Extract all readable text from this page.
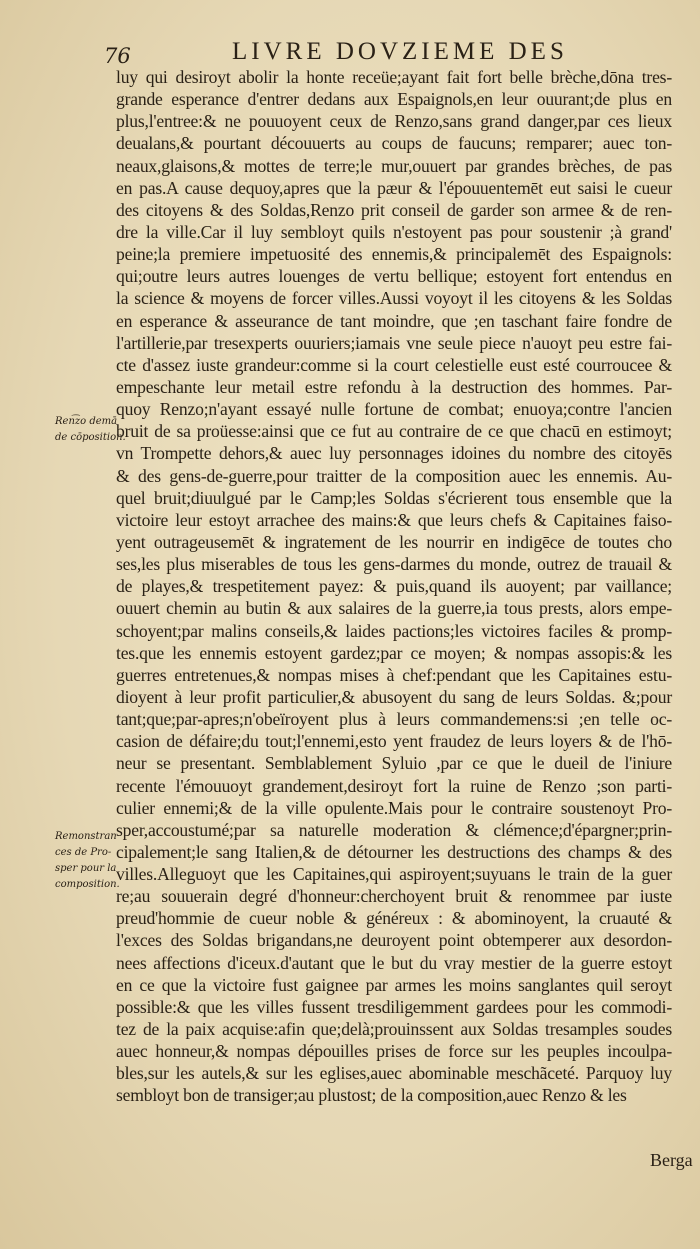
76	LIVRE DOVZIEME DES
Ren͡zo demā
de cōposition.
Remonstran
ces de Pro-
sper pour la
composition.
luy qui desiroyt abolir la honte receüe;ayant fait fort belle brèche,dōna tres-
grande esperance d'entrer dedans aux Espaignols,en leur ouurant;de plus en
plus,l'entree:& ne pouuoyent ceux de Renzo,sans grand danger,par ces lieux
deualans,& pourtant découuerts au coups de faucuns; remparer; auec ton-
neaux,glaisons,& mottes de terre;le mur,ouuert par grandes brèches, de pas
en pas.A cause dequoy,apres que la pæur & l'épouuentemēt eut saisi le cueur
des citoyens & des Soldas,Renzo prit conseil de garder son armee & de ren-
dre la ville.Car il luy sembloyt quils n'estoyent pas pour soustenir ;à grand'
peine;la premiere impetuosité des ennemis,& principalemēt des Espaignols:
qui;outre leurs autres louenges de vertu bellique; estoyent fort entendus en
la science & moyens de forcer villes.Aussi voyoyt il les citoyens & les Soldas
en esperance & asseurance de tant moindre, que ;en taschant faire fondre de
l'artillerie,par tresexperts ouuriers;iamais vne seule piece n'auoyt peu estre fai-
cte d'assez iuste grandeur:comme si la court celestielle eust esté courroucee &
empeschante leur metail estre refondu à la destruction des hommes. Par-
quoy Renzo;n'ayant essayé nulle fortune de combat; enuoya;contre l'ancien
bruit de sa proüesse:ainsi que ce fut au contraire de ce que chacū en estimoyt;
vn Trompette dehors,& auec luy personnages idoines du nombre des citoyēs
& des gens-de-guerre,pour traitter de la composition auec les ennemis. Au-
quel bruit;diuulgué par le Camp;les Soldas s'écrierent tous ensemble que la
victoire leur estoyt arrachee des mains:& que leurs chefs & Capitaines faiso-
yent outrageusemēt & ingratement de les nourrir en indigēce de toutes cho
ses,les plus miserables de tous les gens-darmes du monde, outrez de trauail &
de playes,& trespetitement payez: & puis,quand ils auoyent; par vaillance;
ouuert chemin au butin & aux salaires de la guerre,ia tous prests, alors empe-
schoyent;par malins conseils,& laides pactions;les victoires faciles & promp-
tes.que les ennemis estoyent gardez;par ce moyen; & nompas assopis:& les
guerres entretenues,& nompas mises à chef:pendant que les Capitaines estu-
dioyent à leur profit particulier,& abusoyent du sang de leurs Soldas. &;pour
tant;que;par-apres;n'obeïroyent plus à leurs commandemens:si ;en telle oc-
casion de défaire;du tout;l'ennemi,esto yent fraudez de leurs loyers & de l'hō-
neur se presentant. Semblablement Syluio ,par ce que le dueil de l'iniure
recente l'émouuoyt grandement,desiroyt fort la ruine de Renzo ;son parti-
culier ennemi;& de la ville opulente.Mais pour le contraire soustenoyt Pro-
sper,accoustumé;par sa naturelle moderation & clémence;d'épargner;prin-
cipalement;le sang Italien,& de détourner les destructions des champs & des
villes.Alleguoyt que les Capitaines,qui aspiroyent;suyuans le train de la guer
re;au souuerain degré d'honneur:cherchoyent bruit & renommee par iuste
preud'hommie de cueur noble & généreux : & abominoyent, la cruauté &
l'exces des Soldas brigandans,ne deuroyent point obtemperer aux desordon-
nees affections d'iceux.d'autant que le but du vray mestier de la guerre estoyt
en ce que la victoire fust gaignee par armes les moins sanglantes quil seroyt
possible:& que les villes fussent tresdiligemment gardees pour les commodi-
tez de la paix acquise:afin que;delà;prouinssent aux Soldas tresamples soudes
auec honneur,& nompas dépouilles prises de force sur les peuples incoulpa-
bles,sur les autels,& sur les eglises,auec abominable meschãceté. Parquoy luy
sembloyt bon de transiger;au plustost; de la composition,auec Renzo & les
Berga
